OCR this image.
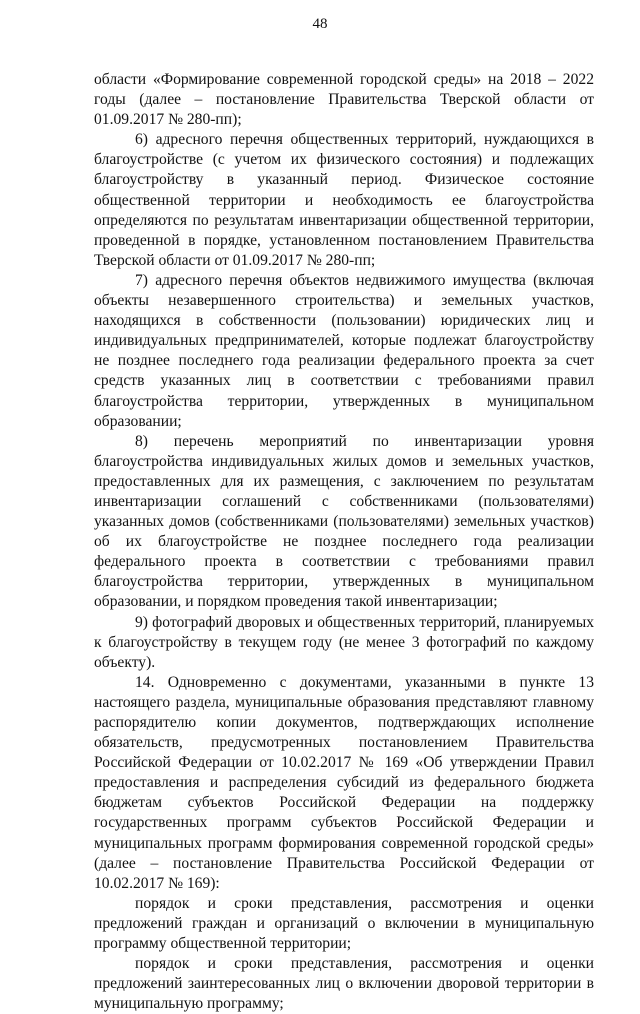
48

области «Формирование современной городской среды» на 2018 – 2022 годы (далее – постановление Правительства Тверской области от 01.09.2017 № 280-пп);

6) адресного перечня общественных территорий, нуждающихся в благоустройстве (с учетом их физического состояния) и подлежащих благоустройству в указанный период. Физическое состояние общественной территории и необходимость ее благоустройства определяются по результатам инвентаризации общественной территории, проведенной в порядке, установленном постановлением Правительства Тверской области от 01.09.2017 № 280-пп;

7) адресного перечня объектов недвижимого имущества (включая объекты незавершенного строительства) и земельных участков, находящихся в собственности (пользовании) юридических лиц и индивидуальных предпринимателей, которые подлежат благоустройству не позднее последнего года реализации федерального проекта за счет средств указанных лиц в соответствии с требованиями правил благоустройства территории, утвержденных в муниципальном образовании;

8) перечень мероприятий по инвентаризации уровня благоустройства индивидуальных жилых домов и земельных участков, предоставленных для их размещения, с заключением по результатам инвентаризации соглашений с собственниками (пользователями) указанных домов (собственниками (пользователями) земельных участков) об их благоустройстве не позднее последнего года реализации федерального проекта в соответствии с требованиями правил благоустройства территории, утвержденных в муниципальном образовании, и порядком проведения такой инвентаризации;

9) фотографий дворовых и общественных территорий, планируемых к благоустройству в текущем году (не менее 3 фотографий по каждому объекту).

14. Одновременно с документами, указанными в пункте 13 настоящего раздела, муниципальные образования представляют главному распорядителю копии документов, подтверждающих исполнение обязательств, предусмотренных постановлением Правительства Российской Федерации от 10.02.2017 № 169 «Об утверждении Правил предоставления и распределения субсидий из федерального бюджета бюджетам субъектов Российской Федерации на поддержку государственных программ субъектов Российской Федерации и муниципальных программ формирования современной городской среды» (далее – постановление Правительства Российской Федерации от 10.02.2017 № 169):

порядок и сроки представления, рассмотрения и оценки предложений граждан и организаций о включении в муниципальную программу общественной территории;

порядок и сроки представления, рассмотрения и оценки предложений заинтересованных лиц о включении дворовой территории в муниципальную программу;
